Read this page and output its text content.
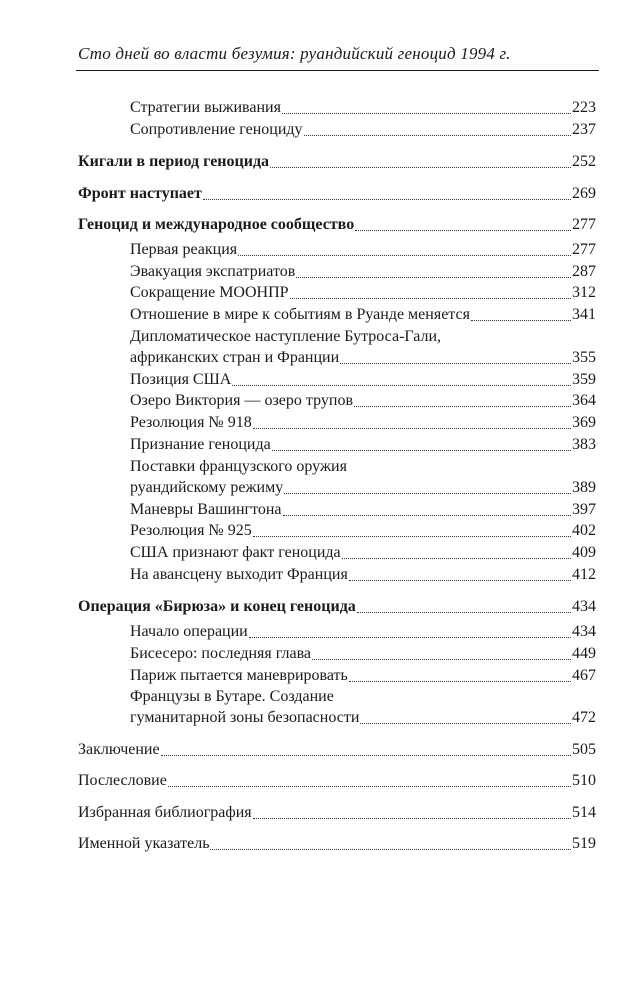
Сто дней во власти безумия: руандийский геноцид 1994 г.
Стратегии выживания	223
Сопротивление геноциду	237
Кигали в период геноцида	252
Фронт наступает	269
Геноцид и международное сообщество	277
Первая реакция	277
Эвакуация экспатриатов	287
Сокращение МООНПР	312
Отношение в мире к событиям в Руанде меняется	341
Дипломатическое наступление Бутроса-Гали,
африканских стран и Франции	355
Позиция США	359
Озеро Виктория — озеро трупов	364
Резолюция № 918	369
Признание геноцида	383
Поставки французского оружия
руандийскому режиму	389
Маневры Вашингтона	397
Резолюция № 925	402
США признают факт геноцида	409
На авансцену выходит Франция	412
Операция «Бирюза» и конец геноцида	434
Начало операции	434
Бисесеро: последняя глава	449
Париж пытается маневрировать	467
Французы в Бутаре. Создание
гуманитарной зоны безопасности	472
Заключение	505
Послесловие	510
Избранная библиография	514
Именной указатель	519
